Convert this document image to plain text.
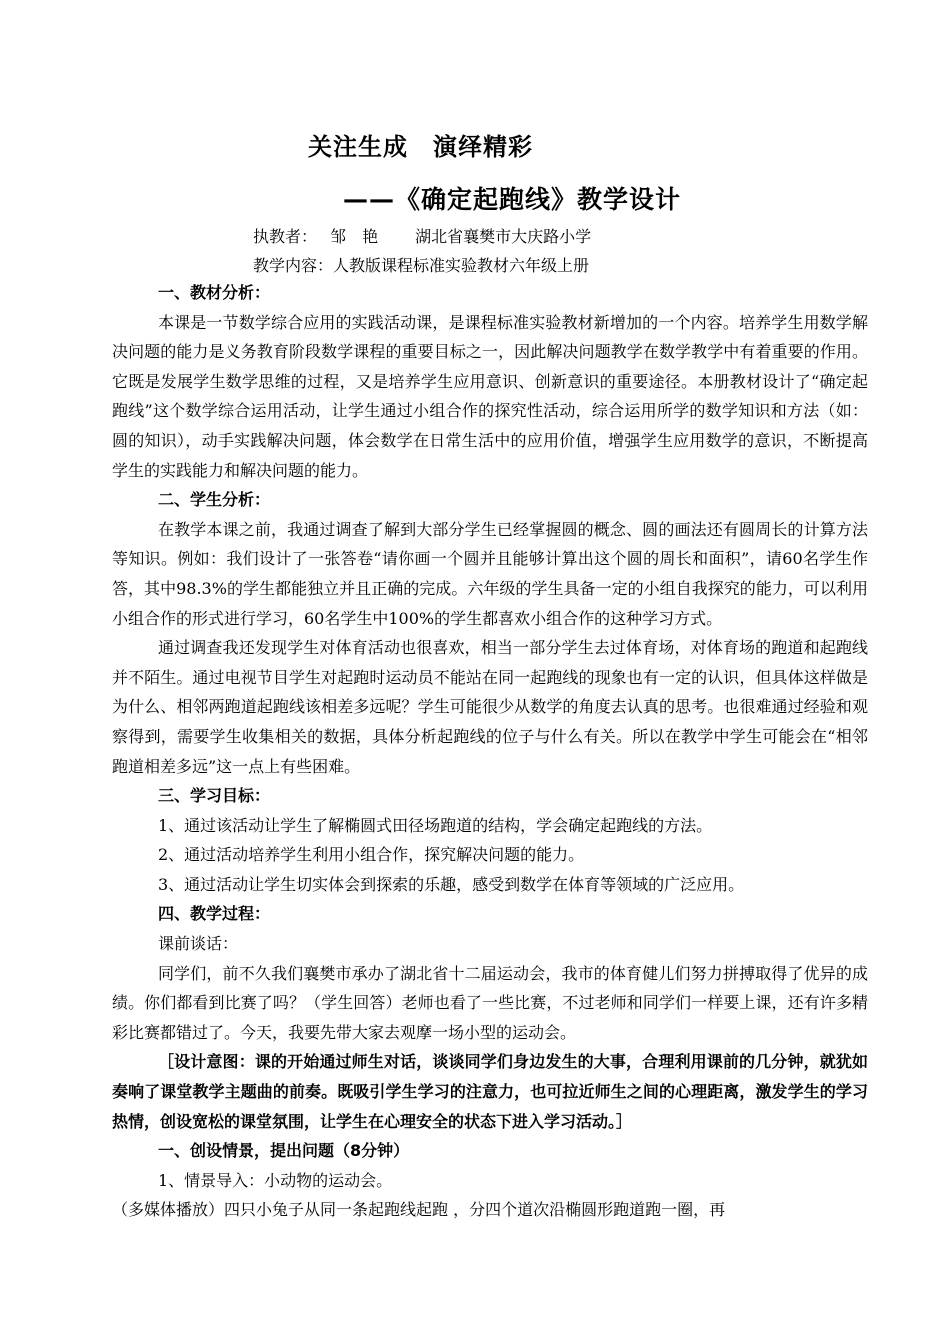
关注生成　演绎精彩
——《确定起跑线》教学设计
执教者：　 邹　艳　　 湖北省襄樊市大庆路小学
教学内容：人教版课程标准实验教材六年级上册

一、教材分析：

本课是一节数学综合应用的实践活动课，是课程标准实验教材新增加的一个内容。培养学生用数学解决问题的能力是义务教育阶段数学课程的重要目标之一，因此解决问题教学在数学教学中有着重要的作用。它既是发展学生数学思维的过程，又是培养学生应用意识、创新意识的重要途径。本册教材设计了“确定起跑线”这个数学综合运用活动，让学生通过小组合作的探究性活动，综合运用所学的数学知识和方法（如：圆的知识），动手实践解决问题，体会数学在日常生活中的应用价值，增强学生应用数学的意识，不断提高学生的实践能力和解决问题的能力。

二、学生分析：

在教学本课之前，我通过调查了解到大部分学生已经掌握圆的概念、圆的画法还有圆周长的计算方法等知识。例如：我们设计了一张答卷“请你画一个圆并且能够计算出这个圆的周长和面积”，请60名学生作答，其中98.3%的学生都能独立并且正确的完成。六年级的学生具备一定的小组自我探究的能力，可以利用小组合作的形式进行学习，60名学生中100%的学生都喜欢小组合作的这种学习方式。

通过调查我还发现学生对体育活动也很喜欢，相当一部分学生去过体育场，对体育场的跑道和起跑线并不陌生。通过电视节目学生对起跑时运动员不能站在同一起跑线的现象也有一定的认识，但具体这样做是为什么、相邻两跑道起跑线该相差多远呢？学生可能很少从数学的角度去认真的思考。也很难通过经验和观察得到，需要学生收集相关的数据，具体分析起跑线的位子与什么有关。所以在教学中学生可能会在“相邻跑道相差多远”这一点上有些困难。

三、学习目标：

1、通过该活动让学生了解椭圆式田径场跑道的结构，学会确定起跑线的方法。

2、通过活动培养学生利用小组合作，探究解决问题的能力。

3、通过活动让学生切实体会到探索的乐趣，感受到数学在体育等领域的广泛应用。

四、教学过程：

课前谈话：

同学们，前不久我们襄樊市承办了湖北省十二届运动会，我市的体育健儿们努力拼搏取得了优异的成绩。你们都看到比赛了吗？（学生回答）老师也看了一些比赛，不过老师和同学们一样要上课，还有许多精彩比赛都错过了。今天，我要先带大家去观摩一场小型的运动会。

［设计意图：课的开始通过师生对话，谈谈同学们身边发生的大事，合理利用课前的几分钟，就犹如奏响了课堂教学主题曲的前奏。既吸引学生学习的注意力，也可拉近师生之间的心理距离，激发学生的学习热情，创设宽松的课堂氛围，让学生在心理安全的状态下进入学习活动。］

一、创设情景，提出问题（8分钟）

1、情景导入：小动物的运动会。

（多媒体播放）四只小兔子从同一条起跑线起跑 ，分四个道次沿椭圆形跑道跑一圈，再
